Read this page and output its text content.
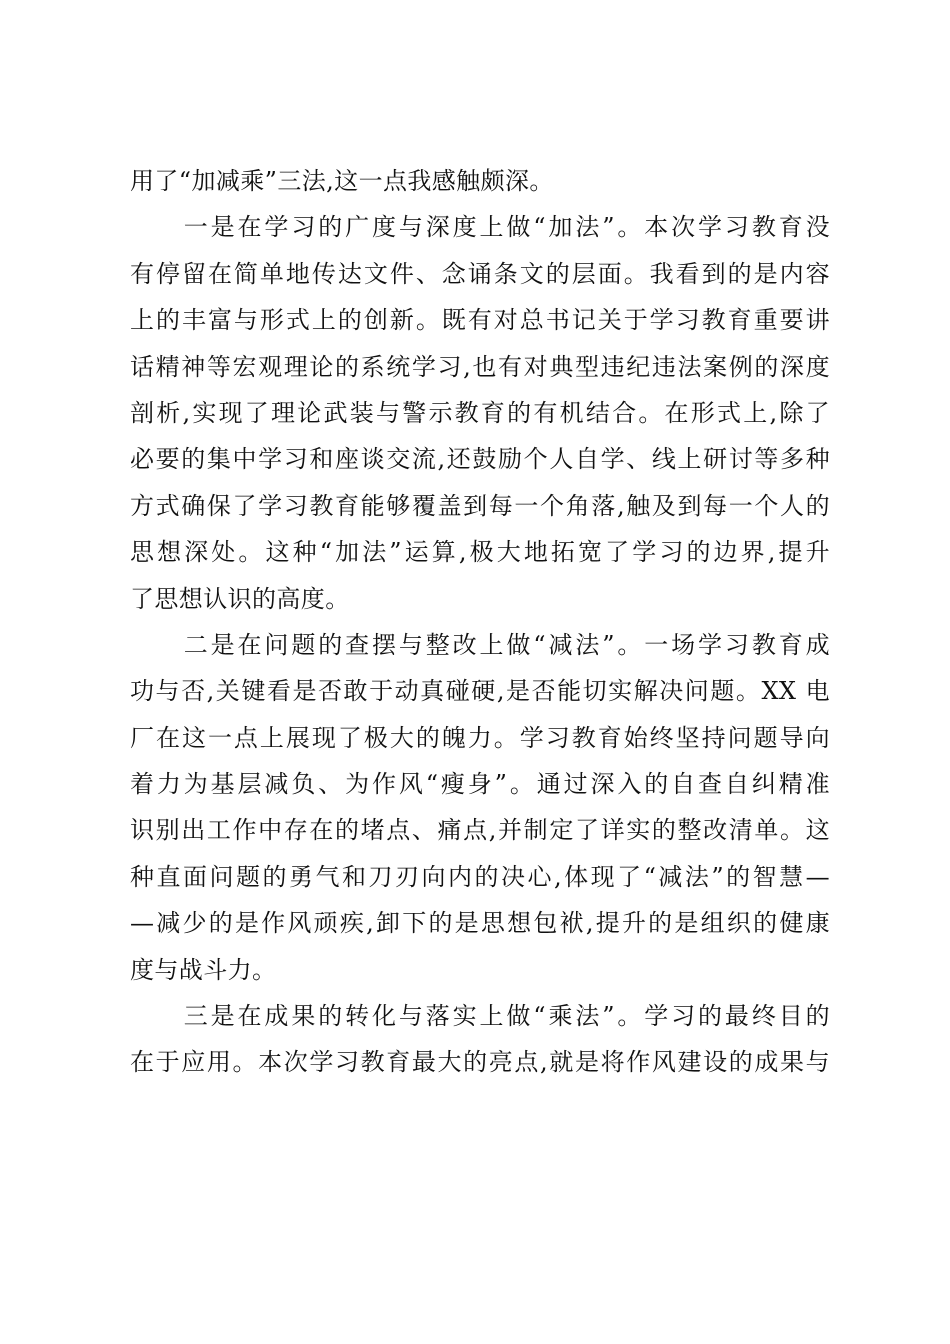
用了“加减乘”三法,这一点我感触颇深。
　　一是在学习的广度与深度上做“加法”。本次学习教育没
有停留在简单地传达文件、念诵条文的层面。我看到的是内容
上的丰富与形式上的创新。既有对总书记关于学习教育重要讲
话精神等宏观理论的系统学习,也有对典型违纪违法案例的深度
剖析,实现了理论武装与警示教育的有机结合。在形式上,除了
必要的集中学习和座谈交流,还鼓励个人自学、线上研讨等多种
方式确保了学习教育能够覆盖到每一个角落,触及到每一个人的
思想深处。这种“加法”运算,极大地拓宽了学习的边界,提升
了思想认识的高度。
　　二是在问题的查摆与整改上做“减法”。一场学习教育成
功与否,关键看是否敢于动真碰硬,是否能切实解决问题。XX 电
厂在这一点上展现了极大的魄力。学习教育始终坚持问题导向
着力为基层减负、为作风“瘦身”。通过深入的自查自纠精准
识别出工作中存在的堵点、痛点,并制定了详实的整改清单。这
种直面问题的勇气和刀刃向内的决心,体现了“减法”的智慧—
—减少的是作风顽疾,卸下的是思想包袱,提升的是组织的健康
度与战斗力。
　　三是在成果的转化与落实上做“乘法”。学习的最终目的
在于应用。本次学习教育最大的亮点,就是将作风建设的成果与
